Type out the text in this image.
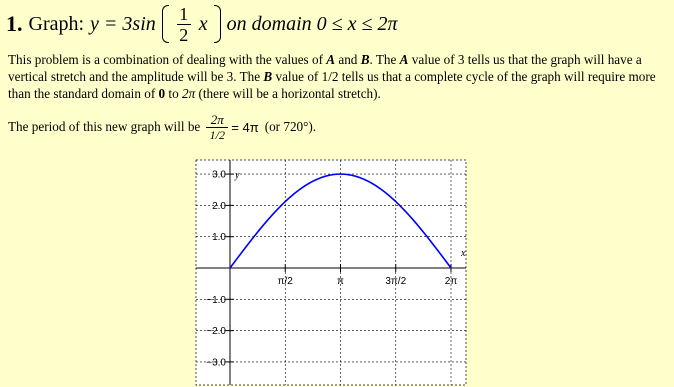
1. Graph: $y = 3\sin \frac{1}{2}$ x on domain 0 ≤ x ≤ 2π
This problem is a combination of dealing with the values of A and B. The A value of 3 tells us that the graph will have a vertical stretch and the amplitude will be 3. The B value of 1/2 tells us that a complete cycle of the graph will require more than the standard domain of 0 to 2π (there will be a horizontal stretch).
The period of this new graph will be 2π
1/2 = 4π (or 720°).
3.0
2.0
1.0
−1.0
−2.0
−3.0
π/2	π	3π/2	2π
y
x
